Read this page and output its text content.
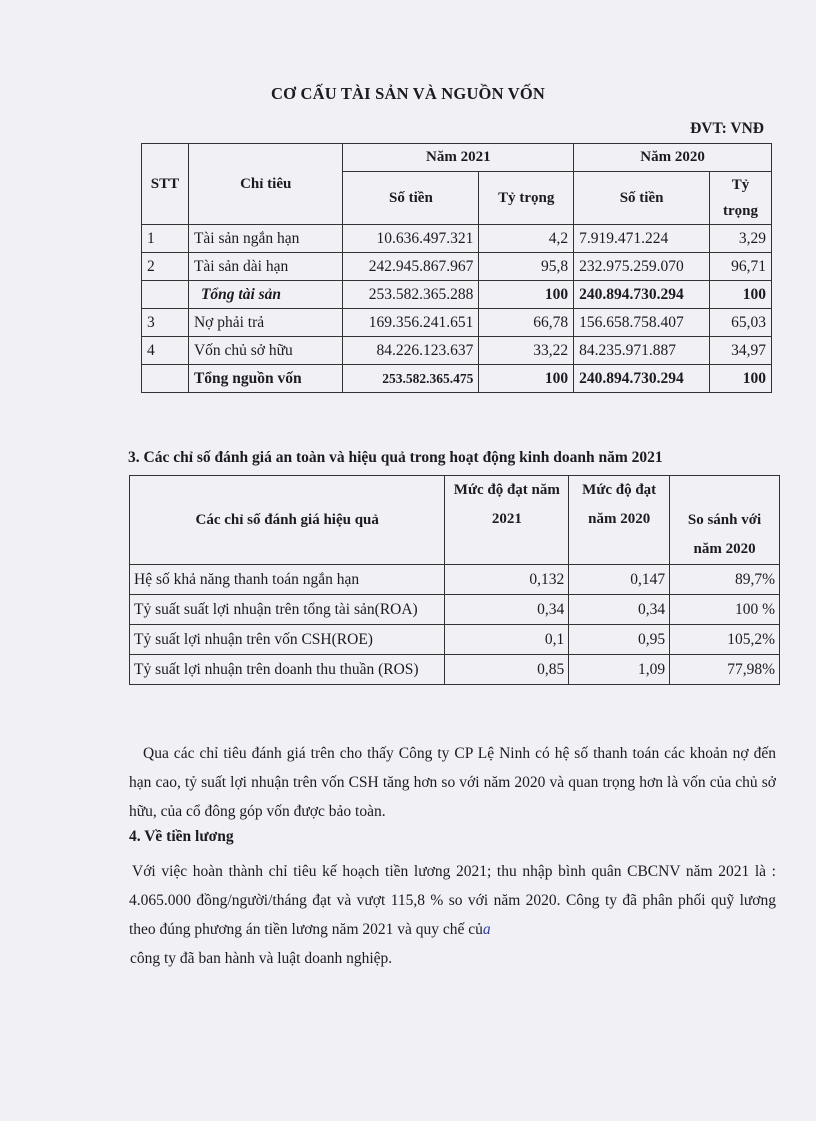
CƠ CẤU TÀI SẢN VÀ NGUỒN VỐN
ĐVT: VNĐ
STT	Chỉ tiêu	Năm 2021		Năm 2020	
		Số tiền	Tỷ trọng	Số tiền	Tỷ trọng

1	Tài sản ngắn hạn	10.636.497.321	4,2	7.919.471.224	3,29
2	Tài sản dài hạn	242.945.867.967	95,8	232.975.259.070	96,71
	Tổng tài sản	253.582.365.288	100	240.894.730.294	100
3	Nợ phải trả	169.356.241.651	66,78	156.658.758.407	65,03
4	Vốn chủ sở hữu	84.226.123.637	33,22	84.235.971.887	34,97
	Tổng nguồn vốn	253.582.365.475	100	240.894.730.294	100
3. Các chỉ số đánh giá an toàn và hiệu quả trong hoạt động kinh doanh năm 2021
Các chỉ số đánh giá hiệu quả	Mức độ đạt năm 2021	Mức độ đạt năm 2020	So sánh với năm 2020
Hệ số khả năng thanh toán ngắn hạn	0,132	0,147	89,7%
Tỷ suất suất lợi nhuận trên tổng tài sản(ROA)	0,34	0,34	100 %
Tỷ suất lợi nhuận trên vốn CSH(ROE)	0,1	0,95	105,2%
Tỷ suất lợi nhuận trên doanh thu thuần (ROS)	0,85	1,09	77,98%
Qua các chỉ tiêu đánh giá trên cho thấy Công ty CP Lệ Ninh có hệ số thanh toán các khoản nợ đến hạn cao, tỷ suất lợi nhuận trên vốn CSH tăng hơn so với năm 2020 và quan trọng hơn là vốn của chủ sở hữu, của cổ đông góp vốn được bảo toàn.
4. Về tiền lương
Với việc hoàn thành chỉ tiêu kế hoạch tiền lương 2021; thu nhập bình quân CBCNV năm 2021 là : 4.065.000 đồng/người/tháng đạt và vượt 115,8 % so với năm 2020. Công ty đã phân phối quỹ lương theo đúng phương án tiền lương năm 2021 và quy chế của
công ty đã ban hành và luật doanh nghiệp.
